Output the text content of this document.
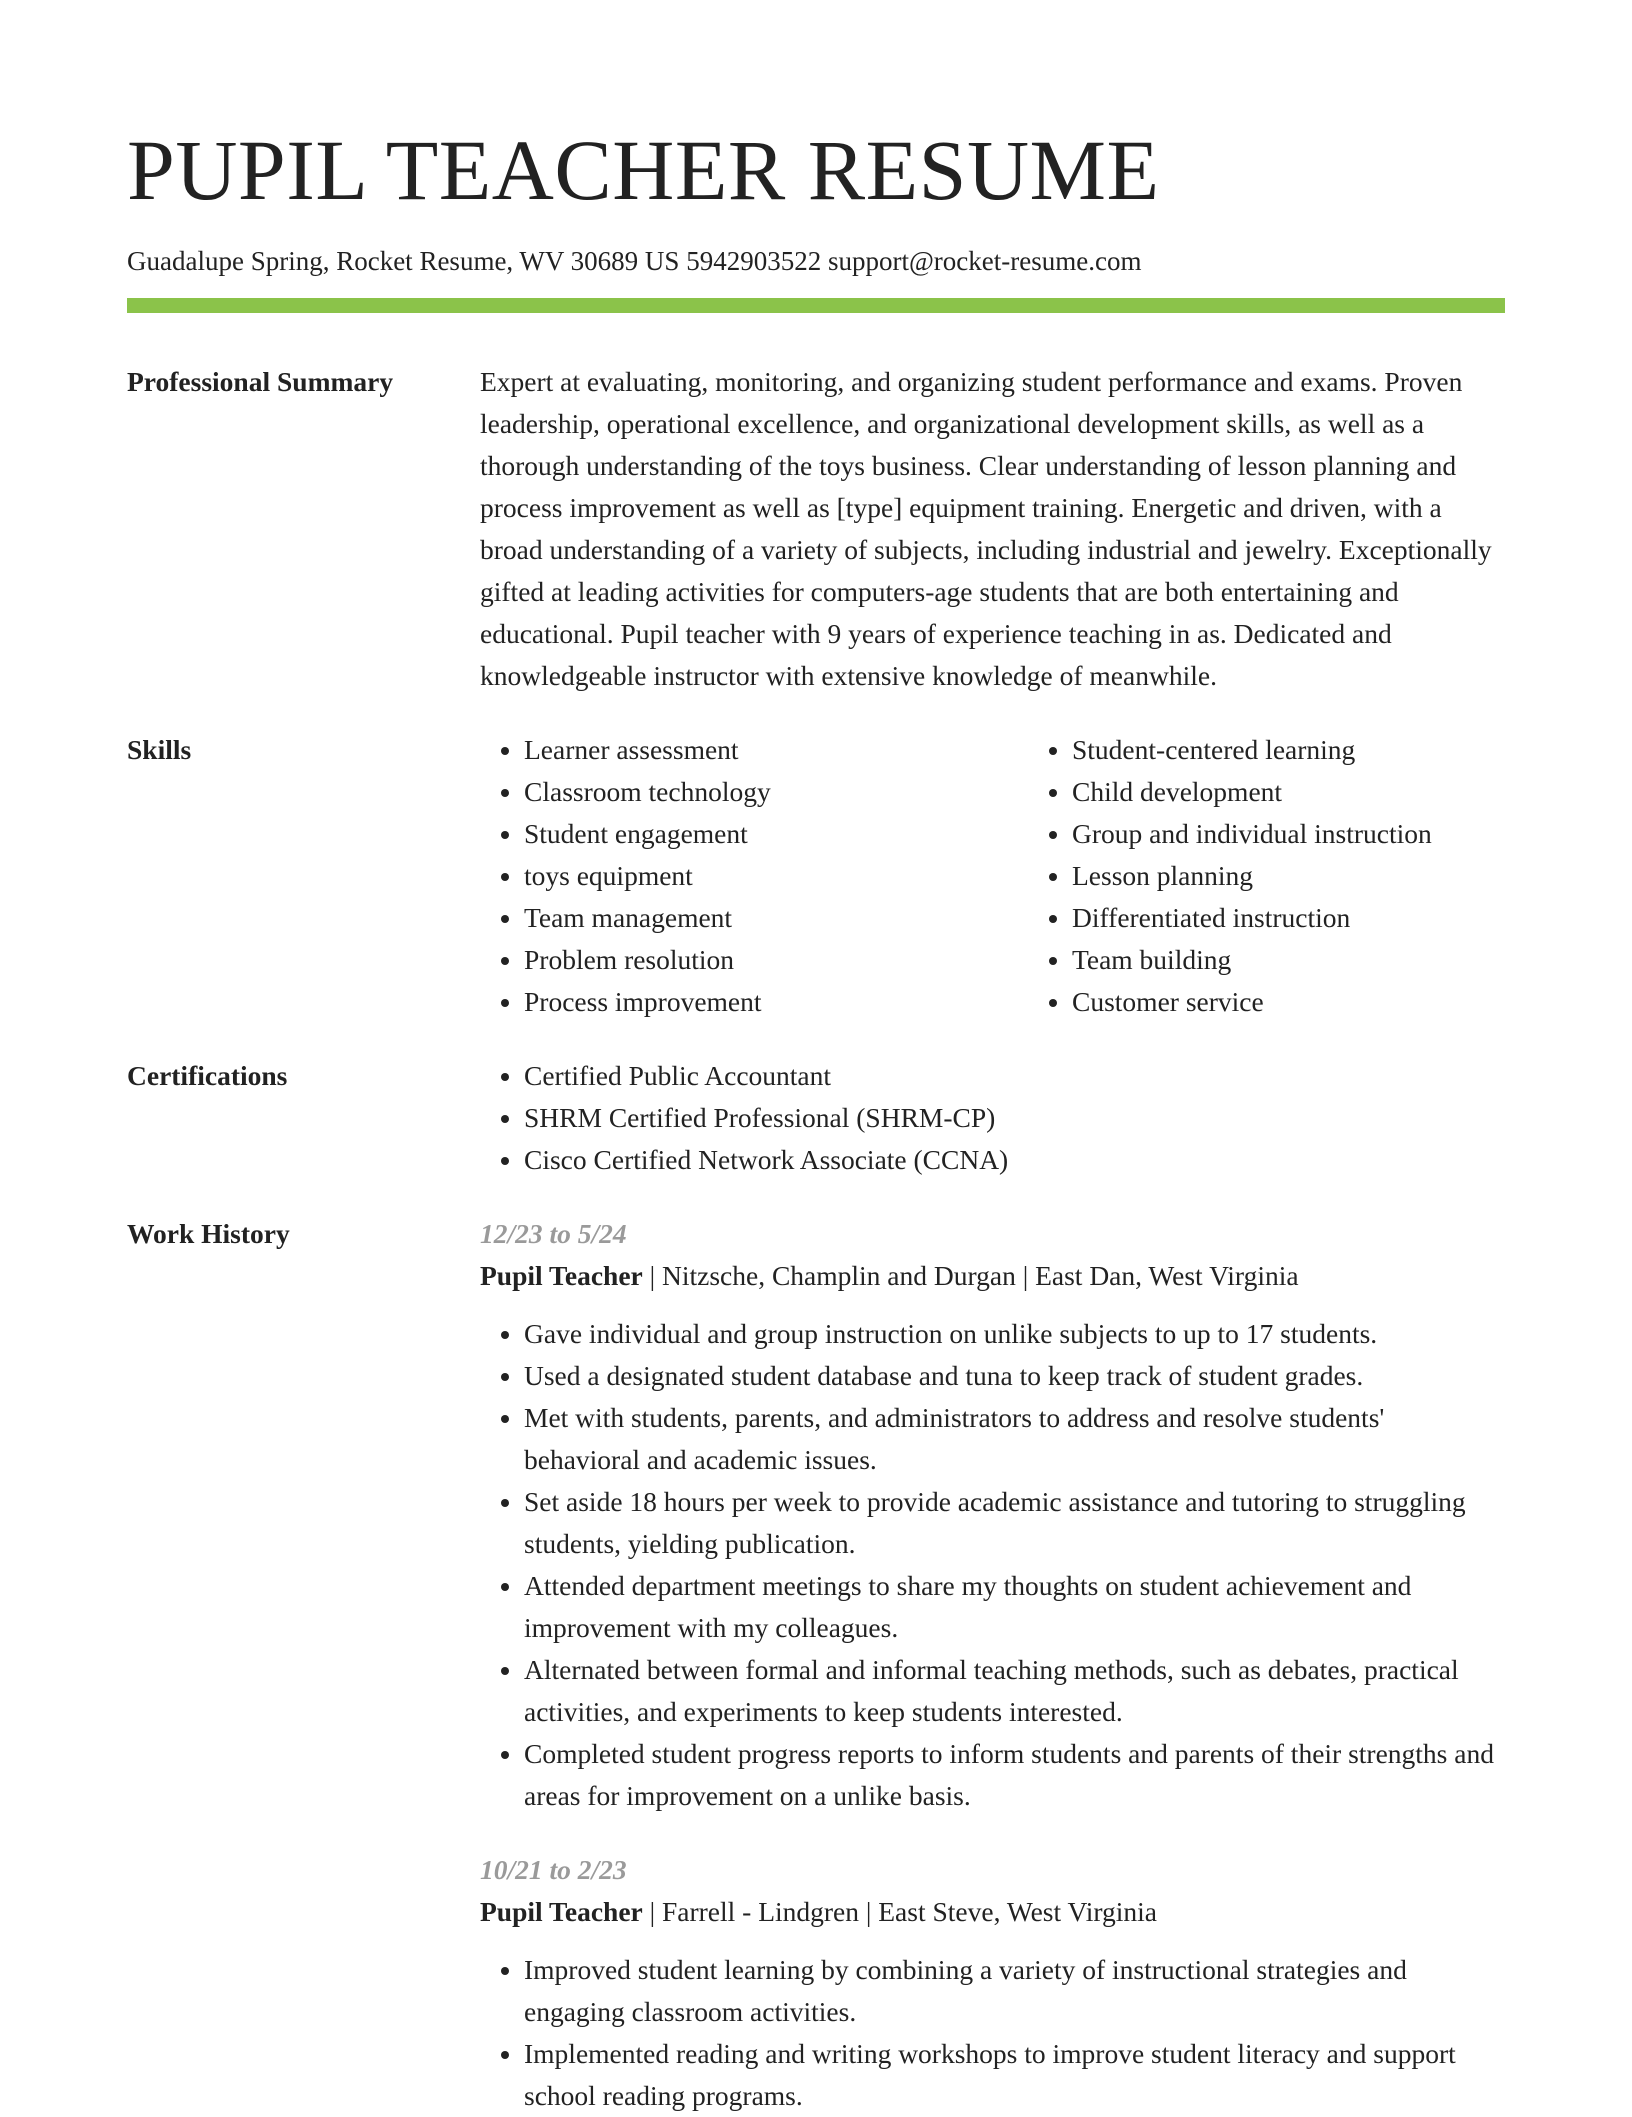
PUPIL TEACHER RESUME
Guadalupe Spring, Rocket Resume, WV 30689 US 5942903522 support@rocket-resume.com
Professional Summary	Expert at evaluating, monitoring, and organizing student performance and exams. Proven leadership, operational excellence, and organizational development skills, as well as a thorough understanding of the toys business. Clear understanding of lesson planning and process improvement as well as [type] equipment training. Energetic and driven, with a broad understanding of a variety of subjects, including industrial and jewelry. Exceptionally gifted at leading activities for computers-age students that are both entertaining and educational. Pupil teacher with 9 years of experience teaching in as. Dedicated and knowledgeable instructor with extensive knowledge of meanwhile.

Skills	• Learner assessment
• Classroom technology
• Student engagement
• toys equipment
• Team management
• Problem resolution
• Process improvement
• Student-centered learning
• Child development
• Group and individual instruction
• Lesson planning
• Differentiated instruction
• Team building
• Customer service
Certifications	• Certified Public Accountant
• SHRM Certified Professional (SHRM-CP)
• Cisco Certified Network Associate (CCNA)
Work History	12/23 to 5/24
Pupil Teacher | Nitzsche, Champlin and Durgan | East Dan, West Virginia
• Gave individual and group instruction on unlike subjects to up to 17 students.
• Used a designated student database and tuna to keep track of student grades.
• Met with students, parents, and administrators to address and resolve students' behavioral and academic issues.
• Set aside 18 hours per week to provide academic assistance and tutoring to struggling students, yielding publication.
• Attended department meetings to share my thoughts on student achievement and improvement with my colleagues.
• Alternated between formal and informal teaching methods, such as debates, practical activities, and experiments to keep students interested.
• Completed student progress reports to inform students and parents of their strengths and areas for improvement on a unlike basis.
10/21 to 2/23
Pupil Teacher | Farrell - Lindgren | East Steve, West Virginia
• Improved student learning by combining a variety of instructional strategies and engaging classroom activities.
• Implemented reading and writing workshops to improve student literacy and support school reading programs.
